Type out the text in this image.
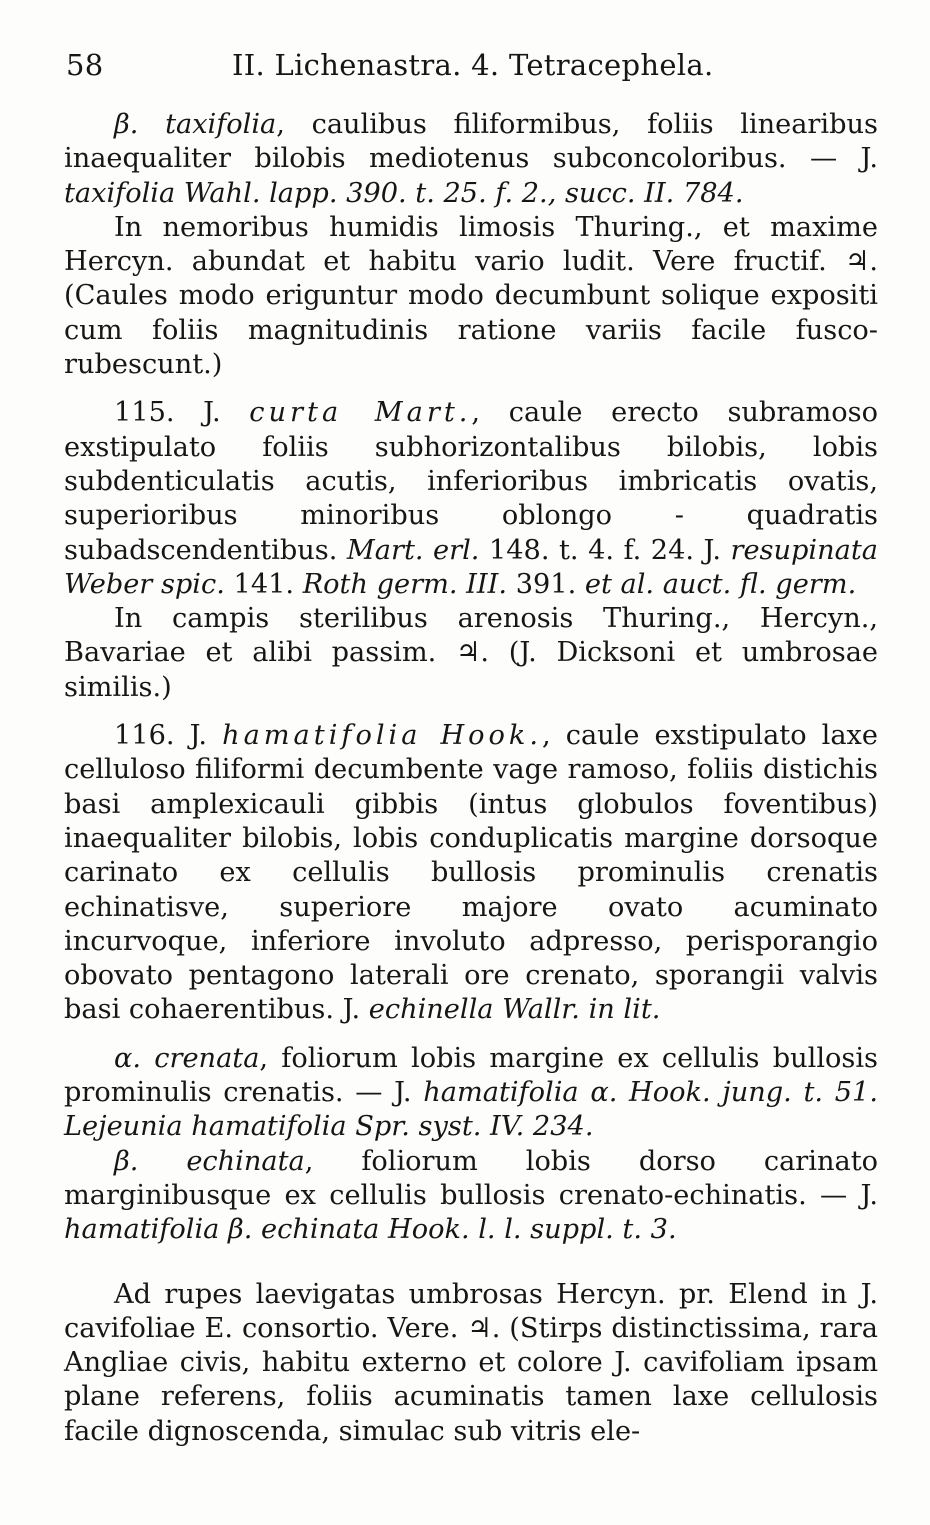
58	II. Lichenastra. 4. Tetracephela.

β. taxifolia, caulibus filiformibus, foliis linearibus inaequaliter bilobis mediotenus subconcoloribus. — J. taxifolia Wahl. lapp. 390. t. 25. f. 2., succ. II. 784.

In nemoribus humidis limosis Thuring., et maxime Hercyn. abundat et habitu vario ludit. Vere fructif. ♃. (Caules modo eriguntur modo decumbunt solique expositi cum foliis magnitudinis ratione variis facile fusco-rubescunt.)

115. J. curta Mart., caule erecto subramoso exstipulato foliis subhorizontalibus bilobis, lobis subdenticulatis acutis, inferioribus imbricatis ovatis, superioribus minoribus oblongo - quadratis subadscendentibus. Mart. erl. 148. t. 4. f. 24. J. resupinata Weber spic. 141. Roth germ. III. 391. et al. auct. fl. germ.

In campis sterilibus arenosis Thuring., Hercyn., Bavariae et alibi passim. ♃. (J. Dicksoni et umbrosae similis.)

116. J. hamatifolia Hook., caule exstipulato laxe celluloso filiformi decumbente vage ramoso, foliis distichis basi amplexicauli gibbis (intus globulos foventibus) inaequaliter bilobis, lobis conduplicatis margine dorsoque carinato ex cellulis bullosis prominulis crenatis echinatisve, superiore majore ovato acuminato incurvoque, inferiore involuto adpresso, perisporangio obovato pentagono laterali ore crenato, sporangii valvis basi cohaerentibus. J. echinella Wallr. in lit.

α. crenata, foliorum lobis margine ex cellulis bullosis prominulis crenatis. — J. hamatifolia α. Hook. jung. t. 51. Lejeunia hamatifolia Spr. syst. IV. 234.

β. echinata, foliorum lobis dorso carinato marginibusque ex cellulis bullosis crenato-echinatis. — J. hamatifolia β. echinata Hook. l. l. suppl. t. 3.

Ad rupes laevigatas umbrosas Hercyn. pr. Elend in J. cavifoliae E. consortio. Vere. ♃. (Stirps distinctissima, rara Angliae civis, habitu externo et colore J. cavifoliam ipsam plane referens, foliis acuminatis tamen laxe cellulosis facile dignoscenda, simulac sub vitris ele-
